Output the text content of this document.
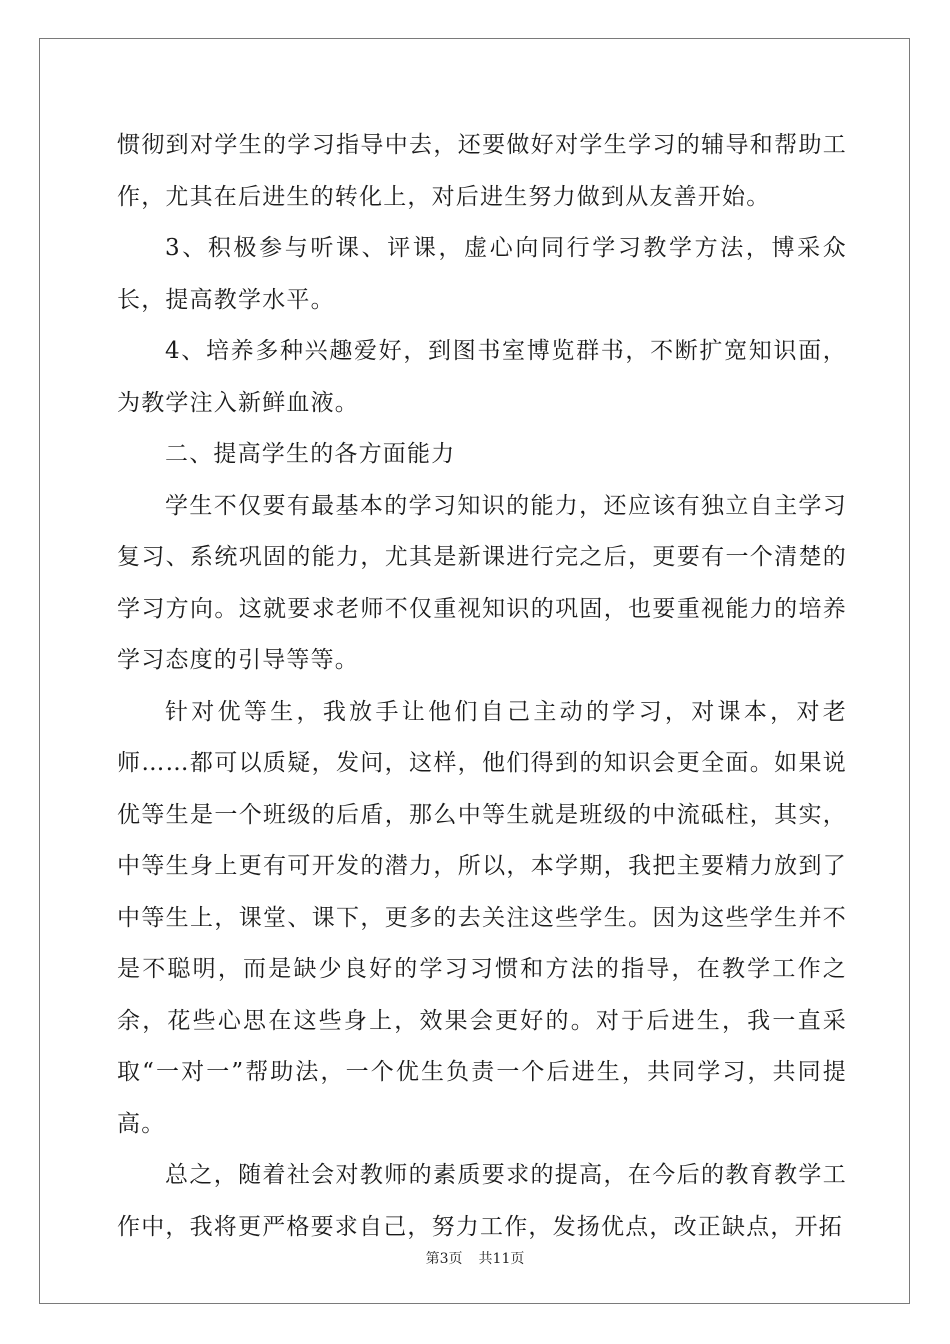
惯彻到对学生的学习指导中去，还要做好对学生学习的辅导和帮助工作，尤其在后进生的转化上，对后进生努力做到从友善开始。

3、积极参与听课、评课，虚心向同行学习教学方法，博采众长，提高教学水平。

4、培养多种兴趣爱好，到图书室博览群书，不断扩宽知识面，为教学注入新鲜血液。

二、提高学生的各方面能力

学生不仅要有最基本的学习知识的能力，还应该有独立自主学习复习、系统巩固的能力，尤其是新课进行完之后，更要有一个清楚的学习方向。这就要求老师不仅重视知识的巩固，也要重视能力的培养学习态度的引导等等。

针对优等生，我放手让他们自己主动的学习，对课本，对老师……都可以质疑，发问，这样，他们得到的知识会更全面。如果说优等生是一个班级的后盾，那么中等生就是班级的中流砥柱，其实，中等生身上更有可开发的潜力，所以，本学期，我把主要精力放到了中等生上，课堂、课下，更多的去关注这些学生。因为这些学生并不是不聪明，而是缺少良好的学习习惯和方法的指导，在教学工作之余，花些心思在这些身上，效果会更好的。对于后进生，我一直采取“一对一”帮助法，一个优生负责一个后进生，共同学习，共同提高。

总之，随着社会对教师的素质要求的提高，在今后的教育教学工作中，我将更严格要求自己，努力工作，发扬优点，改正缺点，开拓

第3页 共11页
